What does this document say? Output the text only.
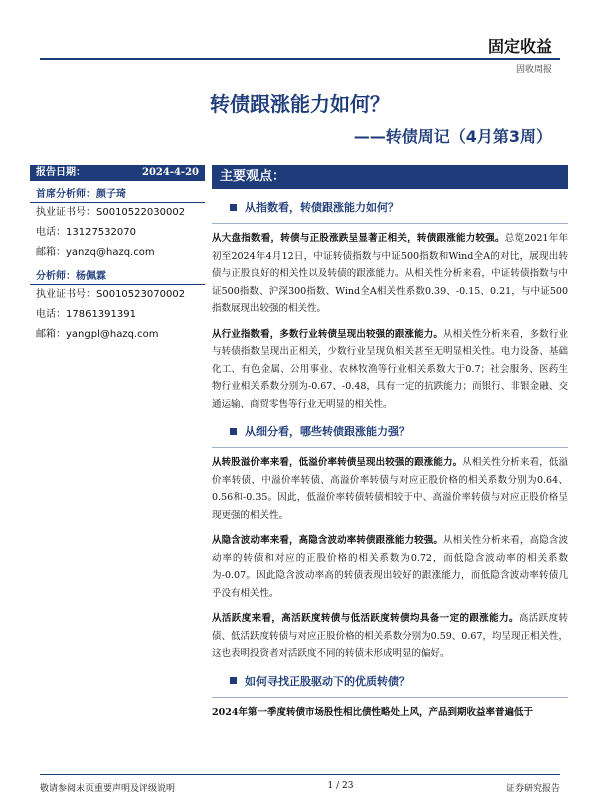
固定收益
固收周报
转债跟涨能力如何？
——转债周记（4月第3周）
报告日期：	2024-4-20
首席分析师：颜子琦
执业证书号：S0010522030002
电话：13127532070
邮箱：yanzq@hazq.com
分析师：杨佩霖
执业证书号：S0010523070002
电话：17861391391
邮箱：yangpl@hazq.com
主要观点：
从指数看，转债跟涨能力如何？

从大盘指数看，转债与正股涨跌呈显著正相关，转债跟涨能力较强。总览2021年年初至2024年4月12日，中证转债指数与中证500指数和Wind全A的对比，展现出转债与正股良好的相关性以及转债的跟涨能力。从相关性分析来看，中证转债指数与中证500指数、沪深300指数、Wind全A相关性系数0.39、-0.15、0.21，与中证500指数展现出较强的相关性。

从行业指数看，多数行业转债呈现出较强的跟涨能力。从相关性分析来看，多数行业与转债指数呈现出正相关，少数行业呈现负相关甚至无明显相关性。电力设备、基础化工、有色金属、公用事业、农林牧渔等行业相关系数大于0.7；社会服务、医药生物行业相关系数分别为-0.67、-0.48，具有一定的抗跌能力；而银行、非银金融、交通运输、商贸零售等行业无明显的相关性。

从细分看，哪些转债跟涨能力强？

从转股溢价率来看，低溢价率转债呈现出较强的跟涨能力。从相关性分析来看，低溢价率转债、中溢价率转债、高溢价率转债与对应正股价格的相关系数分别为0.64、0.56和-0.35。因此，低溢价率转债转债相较于中、高溢价率转债与对应正股价格呈现更强的相关性。

从隐含波动率来看，高隐含波动率转债跟涨能力较强。从相关性分析来看，高隐含波动率的转债和对应的正股价格的相关系数为0.72，而低隐含波动率的相关系数为-0.07。因此隐含波动率高的转债表现出较好的跟涨能力，而低隐含波动率转债几乎没有相关性。

从活跃度来看，高活跃度转债与低活跃度转债均具备一定的跟涨能力。高活跃度转债、低活跃度转债与对应正股价格的相关系数分别为0.59、0.67，均呈现正相关性，这也表明投资者对活跃度不同的转债未形成明显的偏好。

如何寻找正股驱动下的优质转债？

2024年第一季度转债市场股性相比债性略处上风，产品到期收益率普遍低于

敬请参阅末页重要声明及评级说明	1 / 23	证券研究报告
